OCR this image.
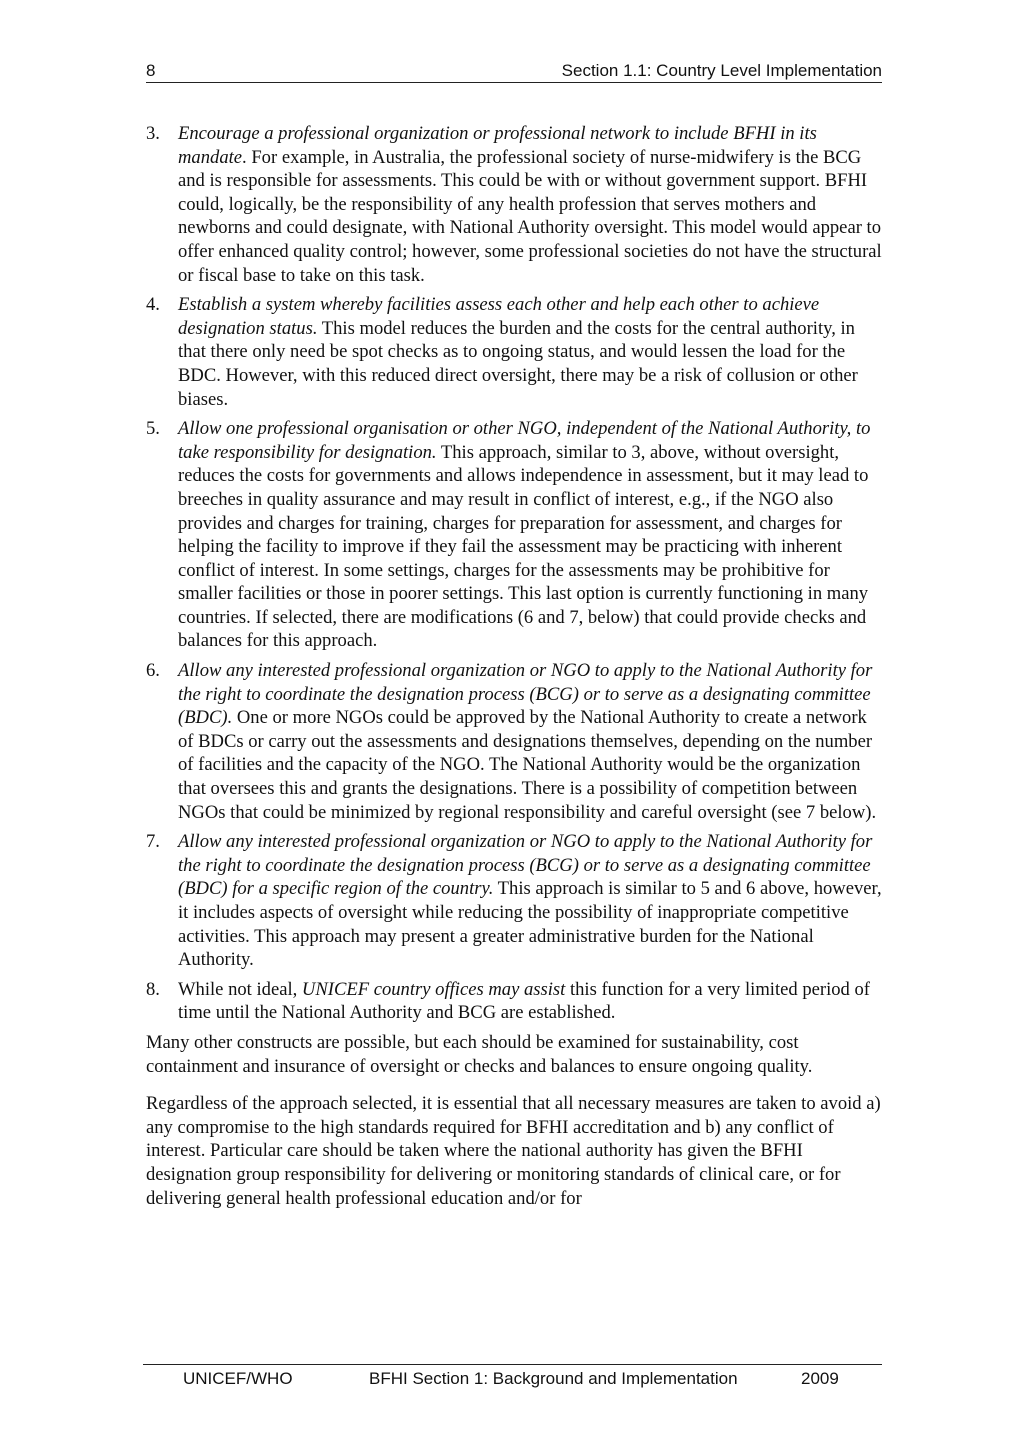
8	Section 1.1: Country Level Implementation
3. Encourage a professional organization or professional network to include BFHI in its mandate. For example, in Australia, the professional society of nurse-midwifery is the BCG and is responsible for assessments. This could be with or without government support. BFHI could, logically, be the responsibility of any health profession that serves mothers and newborns and could designate, with National Authority oversight. This model would appear to offer enhanced quality control; however, some professional societies do not have the structural or fiscal base to take on this task.

4. Establish a system whereby facilities assess each other and help each other to achieve designation status. This model reduces the burden and the costs for the central authority, in that there only need be spot checks as to ongoing status, and would lessen the load for the BDC. However, with this reduced direct oversight, there may be a risk of collusion or other biases.

5. Allow one professional organisation or other NGO, independent of the National Authority, to take responsibility for designation. This approach, similar to 3, above, without oversight, reduces the costs for governments and allows independence in assessment, but it may lead to breeches in quality assurance and may result in conflict of interest, e.g., if the NGO also provides and charges for training, charges for preparation for assessment, and charges for helping the facility to improve if they fail the assessment may be practicing with inherent conflict of interest. In some settings, charges for the assessments may be prohibitive for smaller facilities or those in poorer settings. This last option is currently functioning in many countries. If selected, there are modifications (6 and 7, below) that could provide checks and balances for this approach.

6. Allow any interested professional organization or NGO to apply to the National Authority for the right to coordinate the designation process (BCG) or to serve as a designating committee (BDC). One or more NGOs could be approved by the National Authority to create a network of BDCs or carry out the assessments and designations themselves, depending on the number of facilities and the capacity of the NGO. The National Authority would be the organization that oversees this and grants the designations. There is a possibility of competition between NGOs that could be minimized by regional responsibility and careful oversight (see 7 below).

7. Allow any interested professional organization or NGO to apply to the National Authority for the right to coordinate the designation process (BCG) or to serve as a designating committee (BDC) for a specific region of the country. This approach is similar to 5 and 6 above, however, it includes aspects of oversight while reducing the possibility of inappropriate competitive activities. This approach may present a greater administrative burden for the National Authority.

8. While not ideal, UNICEF country offices may assist this function for a very limited period of time until the National Authority and BCG are established.

Many other constructs are possible, but each should be examined for sustainability, cost containment and insurance of oversight or checks and balances to ensure ongoing quality.

Regardless of the approach selected, it is essential that all necessary measures are taken to avoid a) any compromise to the high standards required for BFHI accreditation and b) any conflict of interest. Particular care should be taken where the national authority has given the BFHI designation group responsibility for delivering or monitoring standards of clinical care, or for delivering general health professional education and/or for

UNICEF/WHO	BFHI Section 1: Background and Implementation	2009
